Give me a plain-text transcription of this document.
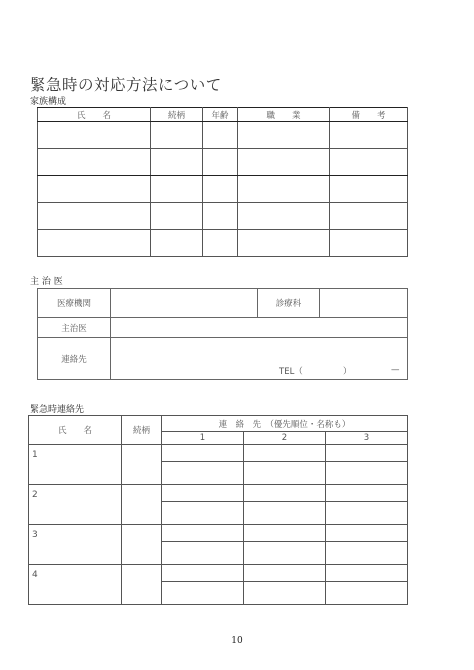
緊急時の対応方法について
家族構成
氏　　名	続柄	年齢	職　　業	備　　考

主 治 医
医療機関		診療科	
主治医			
連絡先	TEL（ ） —		
緊急時連絡先
氏　　名	続柄	連　絡　先　（優先順位・名称も）		
		1	2	3
1				

2				

3				

4				

10
